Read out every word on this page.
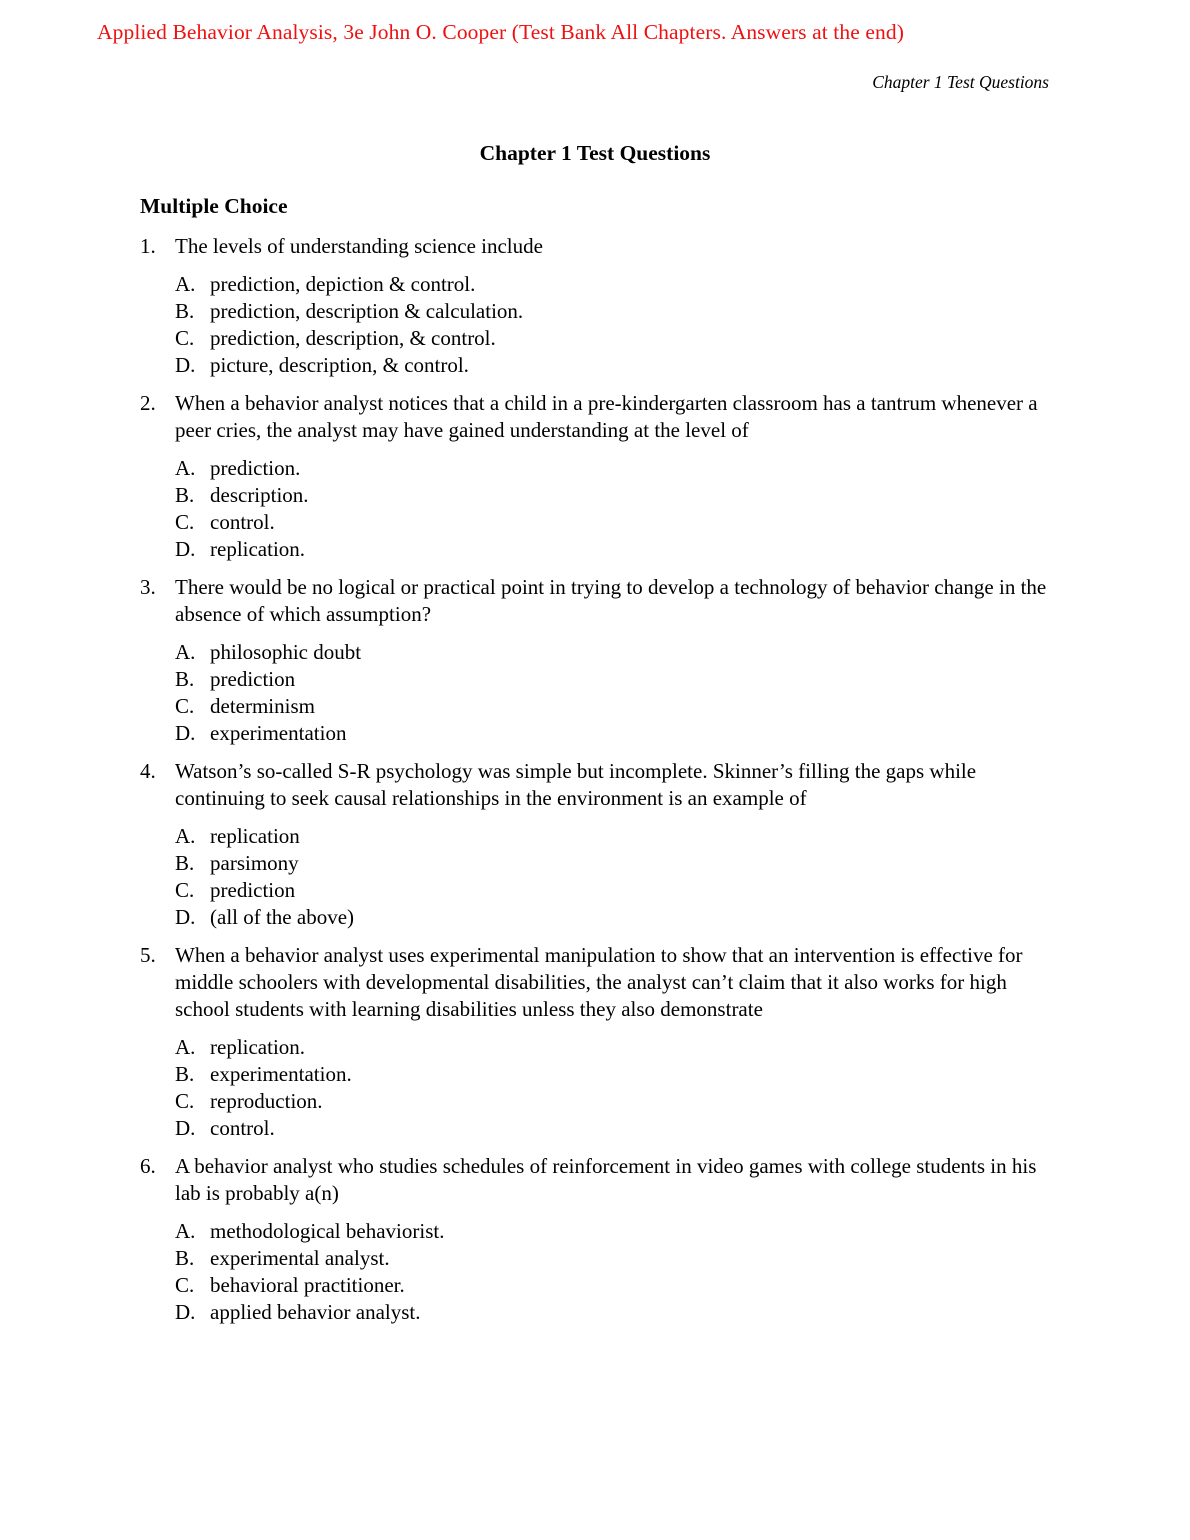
Applied Behavior Analysis, 3e John O. Cooper (Test Bank All Chapters. Answers at the end)
Chapter 1 Test Questions
Chapter 1 Test Questions
Multiple Choice
1. The levels of understanding science include
A. prediction, depiction & control.
B. prediction, description & calculation.
C. prediction, description, & control.
D. picture, description, & control.
2. When a behavior analyst notices that a child in a pre-kindergarten classroom has a tantrum whenever a peer cries, the analyst may have gained understanding at the level of
A. prediction.
B. description.
C. control.
D. replication.
3. There would be no logical or practical point in trying to develop a technology of behavior change in the absence of which assumption?
A. philosophic doubt
B. prediction
C. determinism
D. experimentation
4. Watson’s so-called S-R psychology was simple but incomplete. Skinner’s filling the gaps while continuing to seek causal relationships in the environment is an example of
A. replication
B. parsimony
C. prediction
D. (all of the above)
5. When a behavior analyst uses experimental manipulation to show that an intervention is effective for middle schoolers with developmental disabilities, the analyst can’t claim that it also works for high school students with learning disabilities unless they also demonstrate
A. replication.
B. experimentation.
C. reproduction.
D. control.
6. A behavior analyst who studies schedules of reinforcement in video games with college students in his lab is probably a(n)
A. methodological behaviorist.
B. experimental analyst.
C. behavioral practitioner.
D. applied behavior analyst.
